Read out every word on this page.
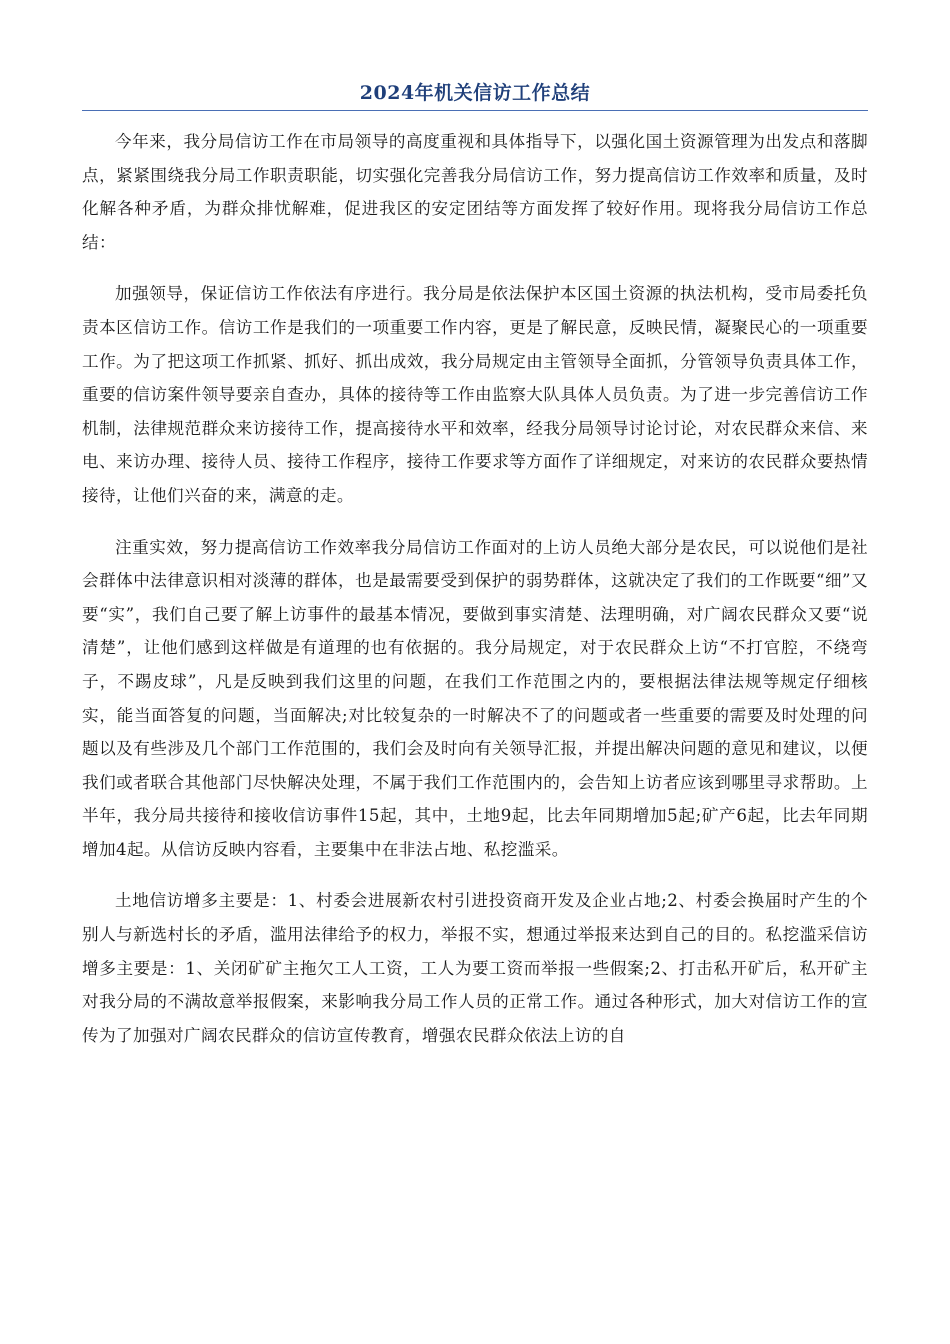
2024年机关信访工作总结

今年来，我分局信访工作在市局领导的高度重视和具体指导下，以强化国土资源管理为出发点和落脚点，紧紧围绕我分局工作职责职能，切实强化完善我分局信访工作，努力提高信访工作效率和质量，及时化解各种矛盾，为群众排忧解难，促进我区的安定团结等方面发挥了较好作用。现将我分局信访工作总结：

加强领导，保证信访工作依法有序进行。我分局是依法保护本区国土资源的执法机构，受市局委托负责本区信访工作。信访工作是我们的一项重要工作内容，更是了解民意，反映民情，凝聚民心的一项重要工作。为了把这项工作抓紧、抓好、抓出成效，我分局规定由主管领导全面抓，分管领导负责具体工作，重要的信访案件领导要亲自查办，具体的接待等工作由监察大队具体人员负责。为了进一步完善信访工作机制，法律规范群众来访接待工作，提高接待水平和效率，经我分局领导讨论讨论，对农民群众来信、来电、来访办理、接待人员、接待工作程序，接待工作要求等方面作了详细规定，对来访的农民群众要热情接待，让他们兴奋的来，满意的走。

注重实效，努力提高信访工作效率我分局信访工作面对的上访人员绝大部分是农民，可以说他们是社会群体中法律意识相对淡薄的群体，也是最需要受到保护的弱势群体，这就决定了我们的工作既要“细”又要“实”，我们自己要了解上访事件的最基本情况，要做到事实清楚、法理明确，对广阔农民群众又要“说清楚”，让他们感到这样做是有道理的也有依据的。我分局规定，对于农民群众上访“不打官腔，不绕弯子，不踢皮球”，凡是反映到我们这里的问题，在我们工作范围之内的，要根据法律法规等规定仔细核实，能当面答复的问题，当面解决;对比较复杂的一时解决不了的问题或者一些重要的需要及时处理的问题以及有些涉及几个部门工作范围的，我们会及时向有关领导汇报，并提出解决问题的意见和建议，以便我们或者联合其他部门尽快解决处理，不属于我们工作范围内的，会告知上访者应该到哪里寻求帮助。上半年，我分局共接待和接收信访事件15起，其中，土地9起，比去年同期增加5起;矿产6起，比去年同期增加4起。从信访反映内容看，主要集中在非法占地、私挖滥采。

土地信访增多主要是：1、村委会进展新农村引进投资商开发及企业占地;2、村委会换届时产生的个别人与新选村长的矛盾，滥用法律给予的权力，举报不实，想通过举报来达到自己的目的。私挖滥采信访增多主要是：1、关闭矿矿主拖欠工人工资，工人为要工资而举报一些假案;2、打击私开矿后，私开矿主对我分局的不满故意举报假案，来影响我分局工作人员的正常工作。通过各种形式，加大对信访工作的宣传为了加强对广阔农民群众的信访宣传教育，增强农民群众依法上访的自
